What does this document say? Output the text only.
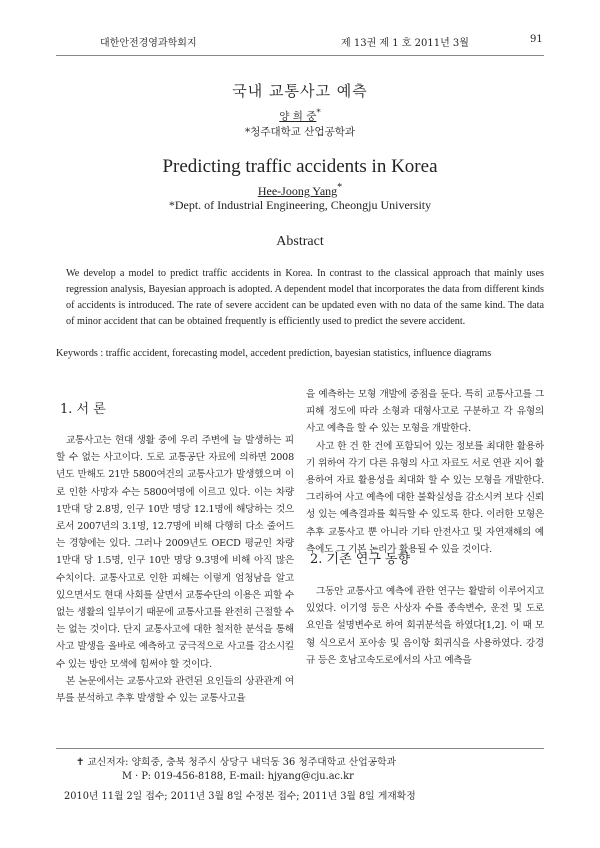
대한안전경영과학회지	제 13권 제 1 호 2011년 3월	91
국내 교통사고 예측
양 희 중*
*청주대학교 산업공학과
Predicting traffic accidents in Korea
Hee-Joong Yang*
*Dept. of Industrial Engineering, Cheongju University
Abstract
We develop a model to predict traffic accidents in Korea. In contrast to the classical approach that mainly uses regression analysis, Bayesian approach is adopted. A dependent model that incorporates the data from different kinds of accidents is introduced. The rate of severe accident can be updated even with no data of the same kind. The data of minor accident that can be obtained frequently is efficiently used to predict the severe accident.
Keywords : traffic accident, forecasting model, accedent prediction, bayesian statistics, influence diagrams
1. 서 론

교통사고는 현대 생활 중에 우리 주변에 늘 발생하는 피할 수 없는 사고이다. 도로 교통공단 자료에 의하면 2008년도 만해도 21만 5800여건의 교통사고가 발생했으며 이로 인한 사망자 수는 5800여명에 이르고 있다. 이는 차량 1만대 당 2.8명, 인구 10만 명당 12.1명에 해당하는 것으로서 2007년의 3.1명, 12.7명에 비해 다행히 다소 줄어드는 경향에는 있다. 그러나 2009년도 OECD 평균인 차량 1만대 당 1.5명, 인구 10만 명당 9.3명에 비해 아직 많은 수치이다. 교통사고로 인한 피해는 이렇게 엄청남을 알고 있으면서도 현대 사회를 살면서 교통수단의 이용은 피할 수 없는 생활의 일부이기 때문에 교통사고를 완전히 근절할 수는 없는 것이다. 단지 교통사고에 대한 철저한 분석을 통해 사고 발생을 올바로 예측하고 궁극적으로 사고를 감소시킬 수 있는 방안 모색에 힘써야 할 것이다.

본 논문에서는 교통사고와 관련된 요인들의 상관관계 여부를 분석하고 추후 발생할 수 있는 교통사고율

을 예측하는 모형 개발에 중점을 둔다. 특히 교통사고를 그 피해 정도에 따라 소형과 대형사고로 구분하고 각 유형의 사고 예측을 할 수 있는 모형을 개발한다.

사고 한 건 한 건에 포함되어 있는 정보를 최대한 활용하기 위하여 각기 다른 유형의 사고 자료도 서로 연관 지어 활용하여 자료 활용성을 최대화 할 수 있는 모형을 개발한다. 그리하여 사고 예측에 대한 불확실성을 감소시켜 보다 신뢰성 있는 예측결과를 획득할 수 있도록 한다. 이러한 모형은 추후 교통사고 뿐 아니라 기타 안전사고 및 자연재해의 예측에도 그 기본 논리가 활용될 수 있을 것이다.

2. 기존 연구 동향

그동안 교통사고 예측에 관한 연구는 활발히 이루어지고 있었다. 이기영 등은 사상자 수를 종속변수, 운전 및 도로 요인을 설명변수로 하여 회귀분석을 하였다[1,2]. 이 때 모형 식으로서 포아송 및 음이항 회귀식을 사용하였다. 강경규 등은 호남고속도로에서의 사고 예측을

✝ 교신저자: 양희중, 충북 청주시 상당구 내덕동 36 청주대학교 산업공학과
M · P: 019-456-8188, E-mail: hjyang@cju.ac.kr
2010년 11월 2일 접수; 2011년 3월 8일 수정본 접수; 2011년 3월 8일 게재확정
